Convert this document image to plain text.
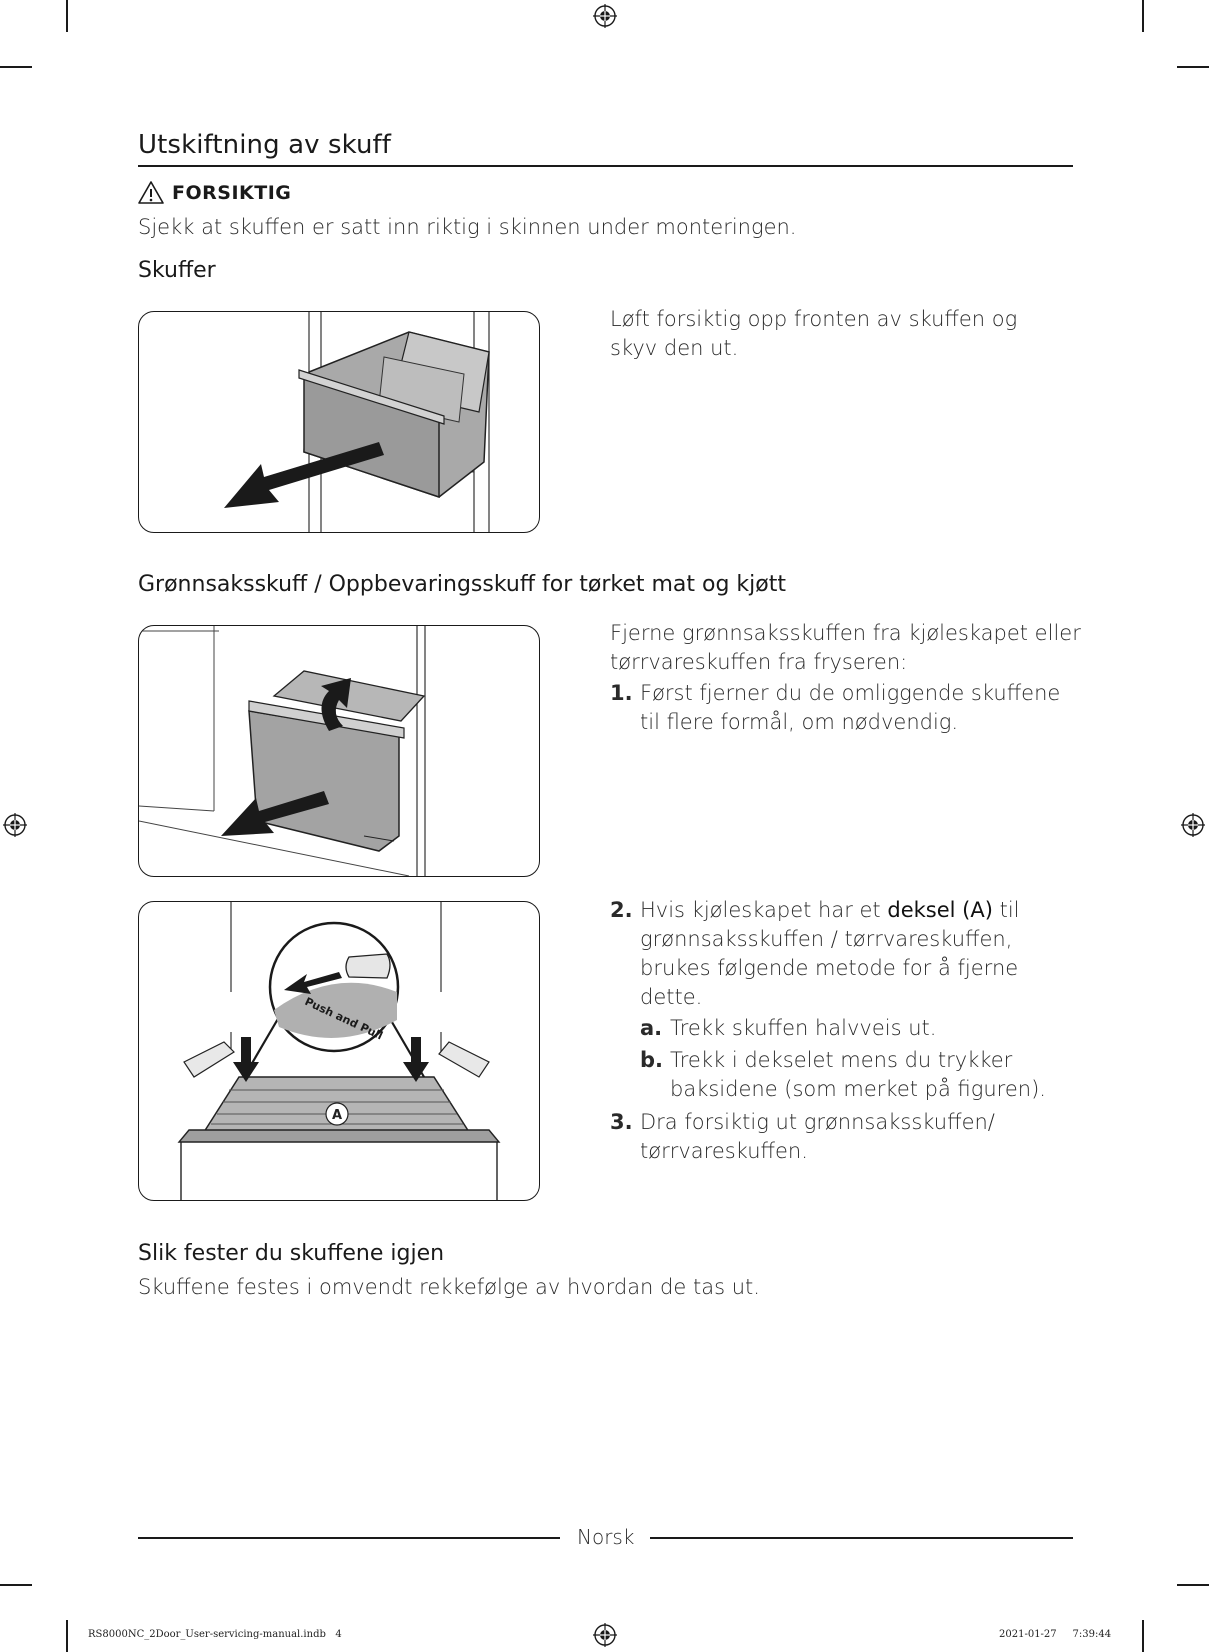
Utskiftning av skuff
FORSIKTIG
Sjekk at skuffen er satt inn riktig i skinnen under monteringen.
Skuffer
Løft forsiktig opp fronten av skuffen og
skyv den ut.
Grønnsaksskuff / Oppbevaringsskuff for tørket mat og kjøtt
Fjerne grønnsaksskuffen fra kjøleskapet eller
tørrvareskuffen fra fryseren:
1. Først fjerner du de omliggende skuffene
til flere formål, om nødvendig.
A
Push and Pull
2. Hvis kjøleskapet har et deksel (A) til
grønnsaksskuffen / tørrvareskuffen,
brukes følgende metode for å fjerne
dette.
a. Trekk skuffen halvveis ut.
b. Trekk i dekselet mens du trykker
baksidene (som merket på figuren).
3. Dra forsiktig ut grønnsaksskuffen/
tørrvareskuffen.
Slik fester du skuffene igjen
Skuffene festes i omvendt rekkefølge av hvordan de tas ut.
Norsk
RS8000NC_2Door_User-servicing-manual.indb   4	2021-01-27     7:39:44
